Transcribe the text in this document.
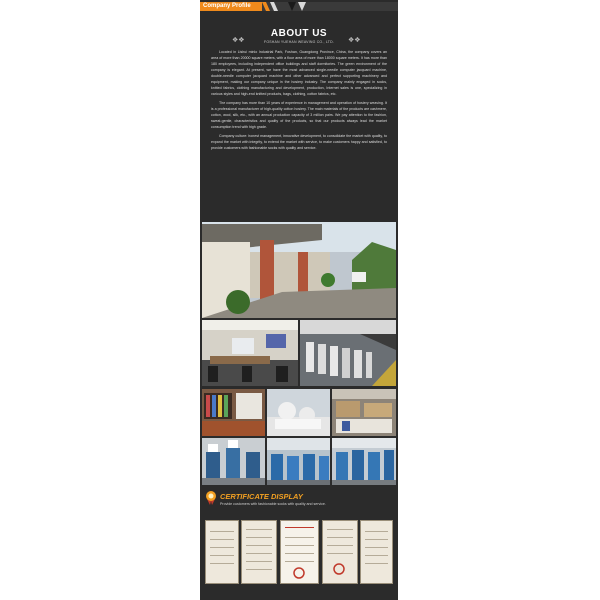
Company Profile
❖❖	❖❖
ABOUT US
FOSHAN YUEHAN WEAVING CO., LTD.

Located in Lishui minlo Industrial Park, Foshan, Guangdong Province, China, the company covers an area of more than 20000 square meters, with a floor area of more than 18000 square meters. It has more than 180 employees, including independent office buildings and staff dormitories. The green environment of the company is elegant. At present, we have the most advanced single-needle computer jacquard machine, double-needle computer jacquard machine and other advanced and perfect supporting machinery and equipment, making our company unique in the hosiery industry. The company mainly engaged in socks, knitted fabrics, clothing manufacturing and development, production, Internet sales is one, specializing in various styles and high-end knitted products, bags, clothing, cotton fabrics, etc.

The company has more than 10 years of experience in management and operation of hosiery weaving. It is a professional manufacturer of high-quality cotton hosiery. The main materials of the products are cashmere, cotton, wool, silk, etc., with an annual production capacity of 3 million pairs. We pay attention to the fashion, sweat-gentle, characteristics and quality of the products, so that our products always lead the market consumption trend with high grade.

Company culture: honest management, innovative development, to consolidate the market with quality, to expand the market with integrity, to extend the market with service, to make customers happy and satisfied, to provide customers with fashionable socks with quality and service.

CERTIFICATE DISPLAY
Provide customers with fashionable socks with quality and service.
